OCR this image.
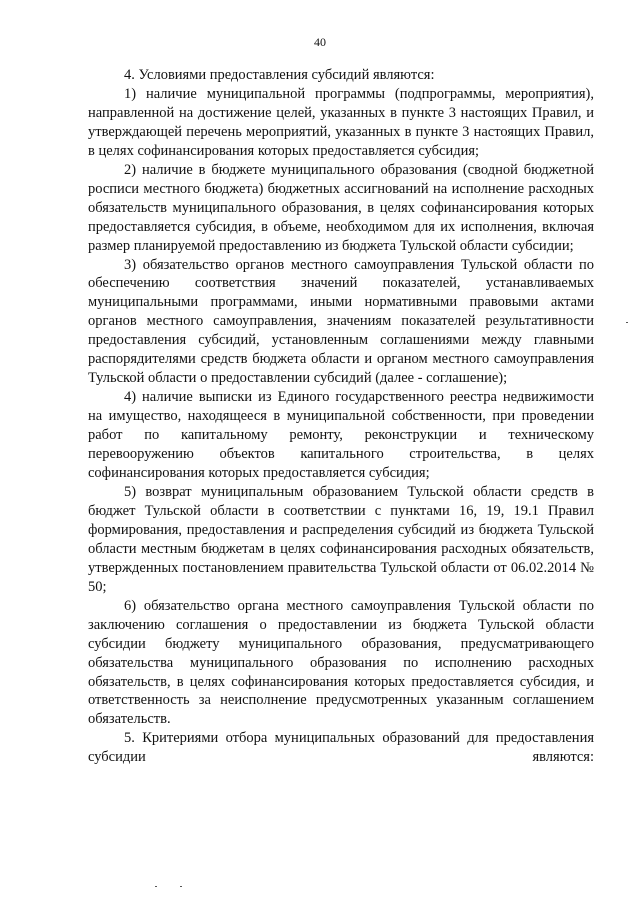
40

4. Условиями предоставления субсидий являются:

1) наличие муниципальной программы (подпрограммы, мероприятия), направленной на достижение целей, указанных в пункте 3 настоящих Правил, и утверждающей перечень мероприятий, указанных в пункте 3 настоящих Правил, в целях софинансирования которых предоставляется субсидия;

2) наличие в бюджете муниципального образования (сводной бюджетной росписи местного бюджета) бюджетных ассигнований на исполнение расходных обязательств муниципального образования, в целях софинансирования которых предоставляется субсидия, в объеме, необходимом для их исполнения, включая размер планируемой предоставлению из бюджета Тульской области субсидии;

3) обязательство органов местного самоуправления Тульской области по обеспечению соответствия значений показателей, устанавливаемых муниципальными программами, иными нормативными правовыми актами органов местного самоуправления, значениям показателей результативности предоставления субсидий, установленным соглашениями между главными распорядителями средств бюджета области и органом местного самоуправления Тульской области о предоставлении субсидий (далее - соглашение);

4) наличие выписки из Единого государственного реестра недвижимости на имущество, находящееся в муниципальной собственности, при проведении работ по капитальному ремонту, реконструкции и техническому перевооружению объектов капитального строительства, в целях софинансирования которых предоставляется субсидия;

5) возврат муниципальным образованием Тульской области средств в бюджет Тульской области в соответствии с пунктами 16, 19, 19.1 Правил формирования, предоставления и распределения субсидий из бюджета Тульской области местным бюджетам в целях софинансирования расходных обязательств, утвержденных постановлением правительства Тульской области от 06.02.2014 № 50;

6) обязательство органа местного самоуправления Тульской области по заключению соглашения о предоставлении из бюджета Тульской области субсидии бюджету муниципального образования, предусматривающего обязательства муниципального образования по исполнению расходных обязательств, в целях софинансирования которых предоставляется субсидия, и ответственность за неисполнение предусмотренных указанным соглашением обязательств.

5. Критериями отбора муниципальных образований для предоставления субсидии являются:
